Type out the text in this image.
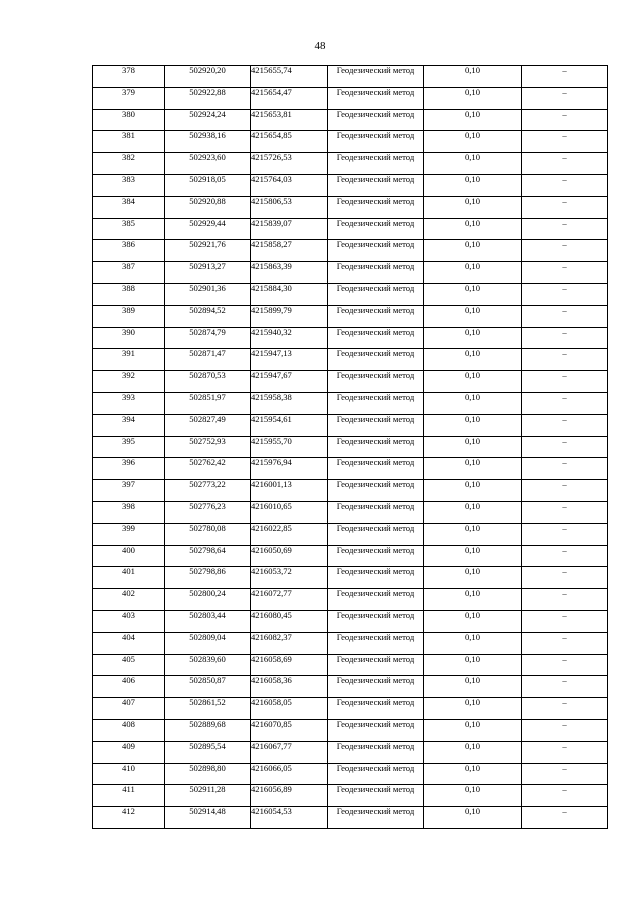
48
378	502920,20	4215655,74	Геодезический метод	0,10	–
379	502922,88	4215654,47	Геодезический метод	0,10	–
380	502924,24	4215653,81	Геодезический метод	0,10	–
381	502938,16	4215654,85	Геодезический метод	0,10	–
382	502923,60	4215726,53	Геодезический метод	0,10	–
383	502918,05	4215764,03	Геодезический метод	0,10	–
384	502920,88	4215806,53	Геодезический метод	0,10	–
385	502929,44	4215839,07	Геодезический метод	0,10	–
386	502921,76	4215858,27	Геодезический метод	0,10	–
387	502913,27	4215863,39	Геодезический метод	0,10	–
388	502901,36	4215884,30	Геодезический метод	0,10	–
389	502894,52	4215899,79	Геодезический метод	0,10	–
390	502874,79	4215940,32	Геодезический метод	0,10	–
391	502871,47	4215947,13	Геодезический метод	0,10	–
392	502870,53	4215947,67	Геодезический метод	0,10	–
393	502851,97	4215958,38	Геодезический метод	0,10	–
394	502827,49	4215954,61	Геодезический метод	0,10	–
395	502752,93	4215955,70	Геодезический метод	0,10	–
396	502762,42	4215976,94	Геодезический метод	0,10	–
397	502773,22	4216001,13	Геодезический метод	0,10	–
398	502776,23	4216010,65	Геодезический метод	0,10	–
399	502780,08	4216022,85	Геодезический метод	0,10	–
400	502798,64	4216050,69	Геодезический метод	0,10	–
401	502798,86	4216053,72	Геодезический метод	0,10	–
402	502800,24	4216072,77	Геодезический метод	0,10	–
403	502803,44	4216080,45	Геодезический метод	0,10	–
404	502809,04	4216082,37	Геодезический метод	0,10	–
405	502839,60	4216058,69	Геодезический метод	0,10	–
406	502850,87	4216058,36	Геодезический метод	0,10	–
407	502861,52	4216058,05	Геодезический метод	0,10	–
408	502889,68	4216070,85	Геодезический метод	0,10	–
409	502895,54	4216067,77	Геодезический метод	0,10	–
410	502898,80	4216066,05	Геодезический метод	0,10	–
411	502911,28	4216056,89	Геодезический метод	0,10	–
412	502914,48	4216054,53	Геодезический метод	0,10	–
